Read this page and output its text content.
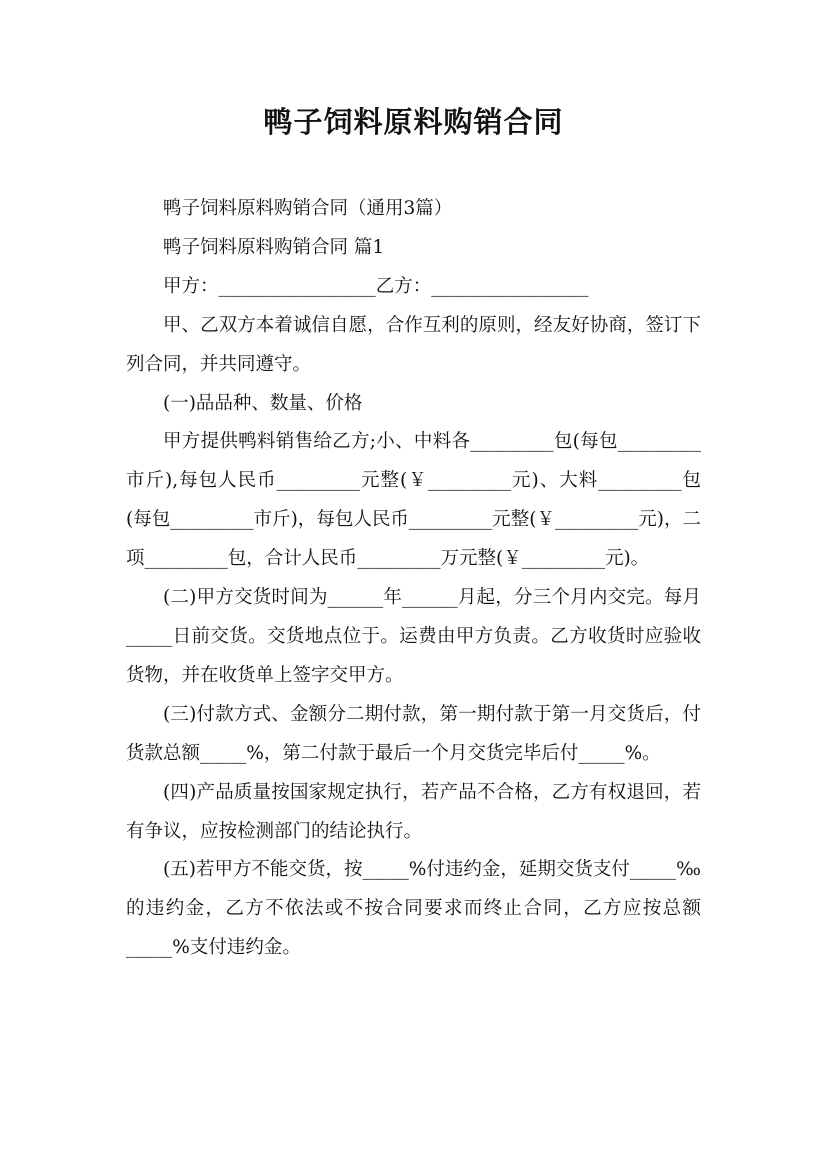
鸭子饲料原料购销合同

鸭子饲料原料购销合同（通用3篇）

鸭子饲料原料购销合同 篇1

甲方：_________________乙方：_________________

甲、乙双方本着诚信自愿，合作互利的原则，经友好协商，签订下列合同，并共同遵守。

(一)品品种、数量、价格

甲方提供鸭料销售给乙方;小、中料各_________包(每包_________市斤),每包人民币_________元整(￥_________元)、大料_________包(每包_________市斤)，每包人民币_________元整(￥_________元)，二项_________包，合计人民币_________万元整(￥_________元)。

(二)甲方交货时间为______年______月起，分三个月内交完。每月_____日前交货。交货地点位于。运费由甲方负责。乙方收货时应验收货物，并在收货单上签字交甲方。

(三)付款方式、金额分二期付款，第一期付款于第一月交货后，付货款总额_____%，第二付款于最后一个月交货完毕后付_____%。

(四)产品质量按国家规定执行，若产品不合格，乙方有权退回，若有争议，应按检测部门的结论执行。

(五)若甲方不能交货，按_____%付违约金，延期交货支付_____‰的违约金，乙方不依法或不按合同要求而终止合同，乙方应按总额_____%支付违约金。
